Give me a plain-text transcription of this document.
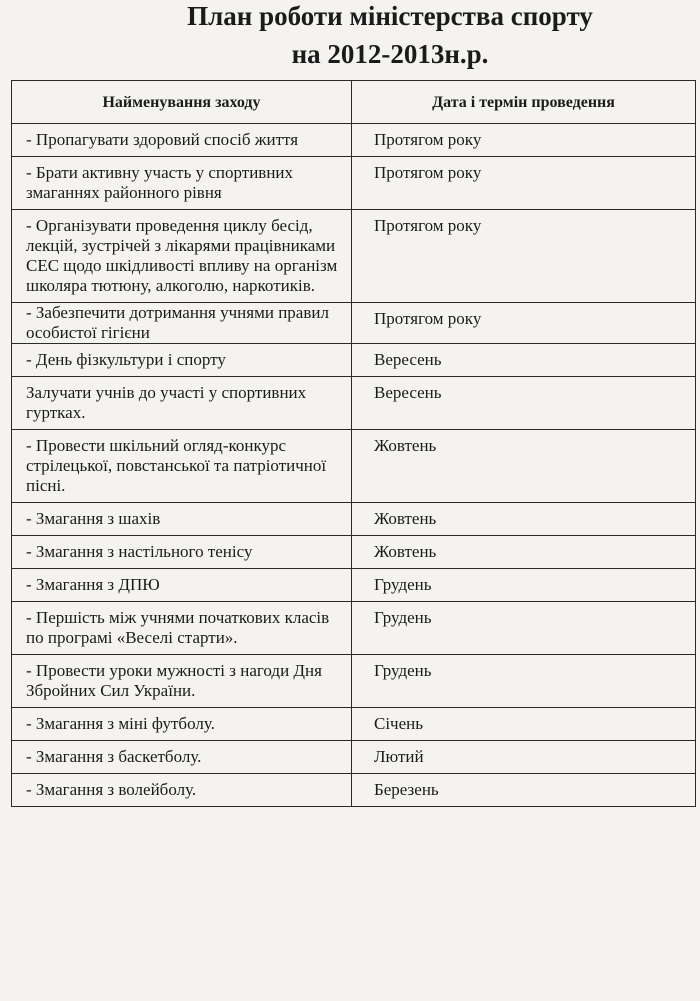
План роботи міністерства спорту
на 2012-2013н.р.
Найменування заходу	Дата і термін проведення
- Пропагувати здоровий спосіб життя	Протягом року
- Брати активну участь у спортивних змаганнях районного рівня	Протягом року
- Організувати проведення циклу бесід, лекцій, зустрічей з лікарями працівниками СЕС щодо шкідливості впливу на організм школяра тютюну, алкоголю, наркотиків.	Протягом року
- Забезпечити дотримання учнями правил особистої гігієни	Протягом року
- День фізкультури і спорту	Вересень
Залучати учнів до участі у спортивних гуртках.	Вересень
- Провести шкільний огляд-конкурс стрілецької, повстанської та патріотичної пісні.	Жовтень
- Змагання з шахів	Жовтень
- Змагання з настільного тенісу	Жовтень
- Змагання з ДПЮ	Грудень
- Першість між учнями початкових класів по програмі «Веселі старти».	Грудень
- Провести уроки мужності з нагоди Дня Збройних Сил України.	Грудень
- Змагання з міні футболу.	Січень
- Змагання з баскетболу.	Лютий
- Змагання з волейболу.	Березень
